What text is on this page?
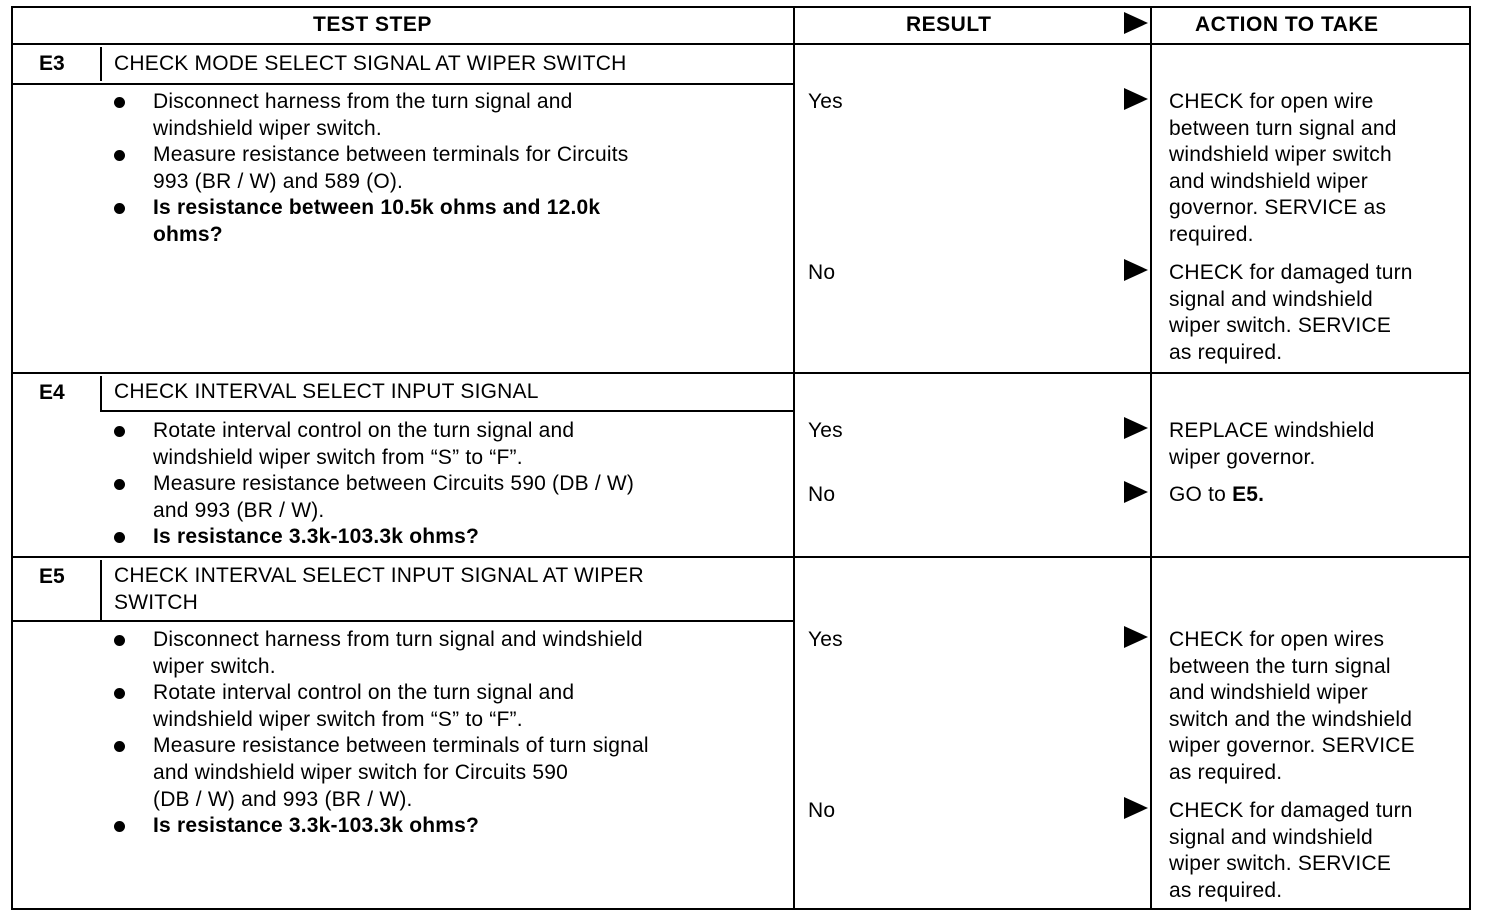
TEST STEP	RESULT	ACTION TO TAKE
E3 CHECK MODE SELECT SIGNAL AT WIPER SWITCH
Disconnect harness from the turn signal and
windshield wiper switch.
Measure resistance between terminals for Circuits
993 (BR / W) and 589 (O).
Is resistance between 10.5k ohms and 12.0k
ohms?
Yes	CHECK for open wire
between turn signal and
windshield wiper switch
and windshield wiper
governor. SERVICE as
required.
No	CHECK for damaged turn
signal and windshield
wiper switch. SERVICE
as required.
E4 CHECK INTERVAL SELECT INPUT SIGNAL
Rotate interval control on the turn signal and
windshield wiper switch from “S” to “F”.
Measure resistance between Circuits 590 (DB / W)
and 993 (BR / W).
Is resistance 3.3k-103.3k ohms?
Yes	REPLACE windshield
wiper governor.
No	GO to E5.
E5 CHECK INTERVAL SELECT INPUT SIGNAL AT WIPER
SWITCH
Disconnect harness from turn signal and windshield
wiper switch.
Rotate interval control on the turn signal and
windshield wiper switch from “S” to “F”.
Measure resistance between terminals of turn signal
and windshield wiper switch for Circuits 590
(DB / W) and 993 (BR / W).
Is resistance 3.3k-103.3k ohms?
Yes	CHECK for open wires
between the turn signal
and windshield wiper
switch and the windshield
wiper governor. SERVICE
as required.
No	CHECK for damaged turn
signal and windshield
wiper switch. SERVICE
as required.
